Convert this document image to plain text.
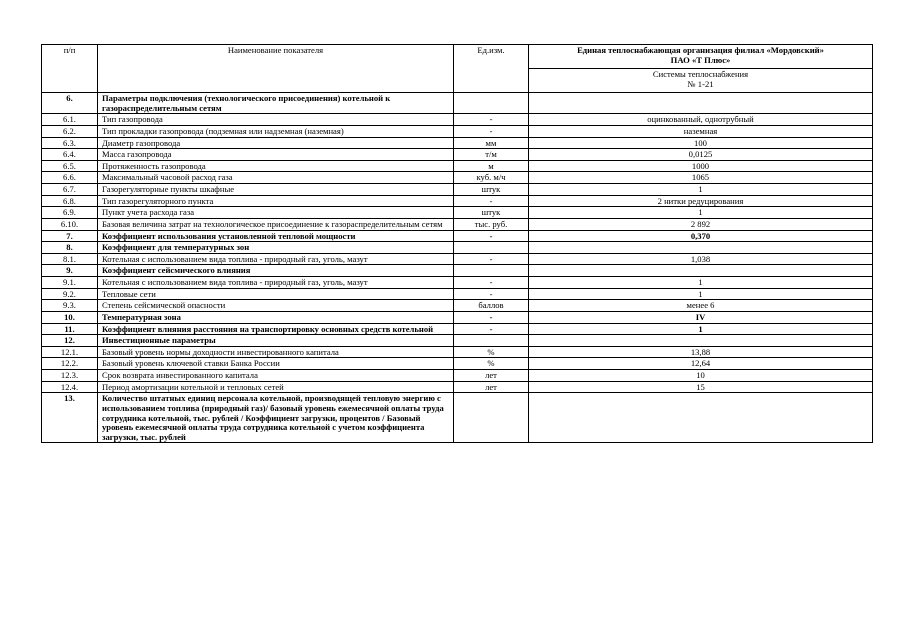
п/п	Наименование показателя	Ед.изм.	Единая теплоснабжающая организация филиал «Мордовский»
ПАО «Т Плюс»

			Системы теплоснабжения
№ 1-21

6.	Параметры подключения (технологического присоединения) котельной к газораспределительным сетям		
6.1.	Тип газопровода	-	оцинкованный, однотрубный
6.2.	Тип прокладки газопровода (подземная или надземная (наземная)	-	наземная
6.3.	Диаметр газопровода	мм	100
6.4.	Масса газопровода	т/м	0,0125
6.5.	Протяженность газопровода	м	1000
6.6.	Максимальный часовой расход газа	куб. м/ч	1065
6.7.	Газорегуляторные пункты шкафные	штук	1
6.8.	Тип газорегуляторного пункта	-	2 нитки редуцирования
6.9.	Пункт учета расхода газа	штук	1
6.10.	Базовая величина затрат на технологическое присоединение к газораспределительным сетям	тыс. руб.	2 892
7.	Коэффициент использования установленной тепловой мощности	-	0,370
8.	Коэффициент для температурных зон		
8.1.	Котельная с использованием вида топлива - природный газ, уголь, мазут	-	1,038
9.	Коэффициент сейсмического влияния		
9.1.	Котельная с использованием вида топлива - природный газ, уголь, мазут	-	1
9.2.	Тепловые сети	-	1
9.3.	Степень сейсмической опасности	баллов	менее 6
10.	Температурная зона	-	IV
11.	Коэффициент влияния расстояния на транспортировку основных средств котельной	-	1
12.	Инвестиционные параметры		
12.1.	Базовый уровень нормы доходности инвестированного капитала	%	13,88
12.2.	Базовый уровень ключевой ставки Банка России	%	12,64
12.3.	Срок возврата инвестированного капитала	лет	10
12.4.	Период амортизации котельной и тепловых сетей	лет	15
13.	Количество штатных единиц персонала котельной, производящей тепловую энергию с использованием топлива (природный газ)/ базовый уровень ежемесячной оплаты труда сотрудника котельной, тыс. рублей / Коэффициент загрузки, процентов / Базовый уровень ежемесячной оплаты труда сотрудника котельной с учетом коэффициента загрузки, тыс. рублей		
